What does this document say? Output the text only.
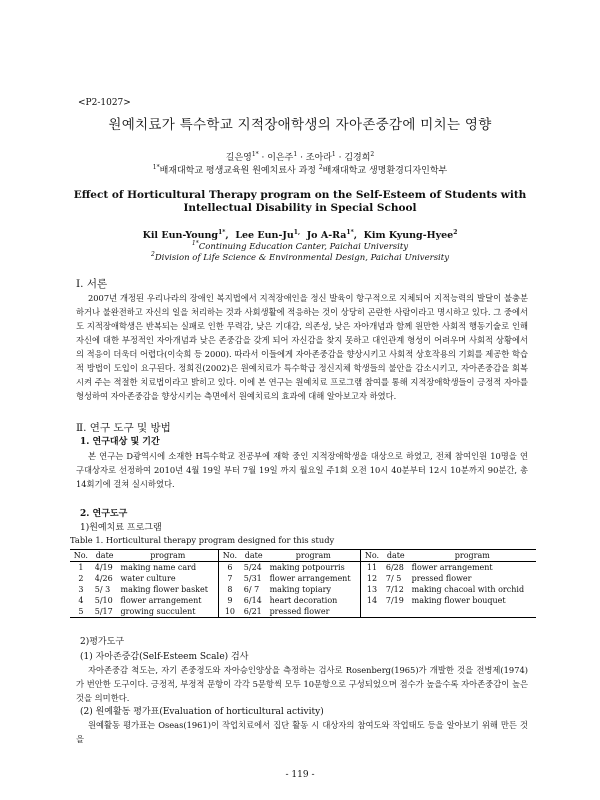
<P2-1027>
원예치료가 특수학교 지적장애학생의 자아존중감에 미치는 영향
길은영$^{1*}$ · 이은주$^1$ · 조아라$^1$ · 김경희$^2$
$^{1*}$배재대학교 평생교육원 원예치료사 과정 $^2$배재대학교 생명환경디자인학부
Effect of Horticultural Therapy program on the Self-Esteem of Students with Intellectual Disability in Special School
Kil Eun-Young$^{1*}$,  Lee Eun-$Ju^{1,}$ Jo $A-Ra^{1*}$,  Kim Kyung-Hyee$^2$
$^{1*}$Continuing Education Canter, Paichai University
$^2$Division of Life Science & Environmental Design, Paichai University
Ⅰ. 서론

2007년 개정된 우리나라의 장애인 복지법에서 지적장애인을 정신 발육이 항구적으로 지체되어 지적능력의 발달이 불충분하거나 불완전하고 자신의 일을 처리하는 것과 사회생활에 적응하는 것이 상당히 곤란한 사람이라고 명시하고 있다. 그 중에서도 지적장애학생은 반복되는 실패로 인한 무력감, 낮은 기대감, 의존성, 낮은 자아개념과 함께 원만한 사회적 행동기술로 인해 자신에 대한 부정적인 자아개념과 낮은 존중감을 갖게 되어 자신감을 찾지 못하고 대인관계 형성이 어려우며 사회적 상황에서의 적응이 더욱더 어렵다(이숙희 등 2000). 따라서 이들에게 자아존중감을 향상시키고 사회적 상호작용의 기회를 제공한 학습적 방법이 도입이 요구된다. 정희진(2002)은 원예치료가 특수학급 정신지체 학생들의 불안을 감소시키고, 자아존중감을 회복시켜 주는 적절한 치료법이라고 밝히고 있다. 이에 본 연구는 원예치료 프로그램 참여를 통해 지적장애학생들이 긍정적 자아를 형성하여 자아존중감을 향상시키는 측면에서 원예치료의 효과에 대해 알아보고자 하였다.

Ⅱ. 연구 도구 및 방법
1. 연구대상 및 기간

본 연구는 D광역시에 소재한 H특수학교 전공부에 재학 중인 지적장애학생을 대상으로 하였고, 전체 참여인원 10명을 연구대상자로 선정하여 2010년 4월 19일 부터 7월 19일 까지 월요일 주1회 오전 10시 40분부터 12시 10분까지 90분간, 총 14회기에 걸쳐 실시하였다.

2. 연구도구
1)원예치료 프로그램
Table 1. Horticultural therapy program designed for this study
No.	date	program	No.	date	program	No.	date	program
1	4/19	making name card	6	5/24	making potpourris	11	6/28	flower arrangement
2	4/26	water culture	7	5/31	flower arrangement	12	7/ 5	pressed flower
3	5/ 3	making flower basket	8	6/ 7	making topiary	13	7/12	making chacoal with orchid
4	5/10	flower arrangement	9	6/14	heart decoration	14	7/19	making flower bouquet
5	5/17	growing succulent	10	6/21	pressed flower			
2)평가도구
(1) 자아존중감(Self-Esteem Scale) 검사

자아존중감 척도는, 자기 존중정도와 자아승인양상을 측정하는 검사로 Rosenberg(1965)가 개발한 것을 전병제(1974)가 번안한 도구이다. 긍정적, 부정적 문항이 각각 5문항씩 모두 10문항으로 구성되었으며 점수가 높을수록 자아존중감이 높은 것을 의미한다.

(2) 원예활동 평가표(Evaluation of horticultural activity)

원예활동 평가표는 Oseas(1961)이 작업치료에서 집단 활동 시 대상자의 참여도와 작업태도 등을 알아보기 위해 만든 것을

- 119 -
